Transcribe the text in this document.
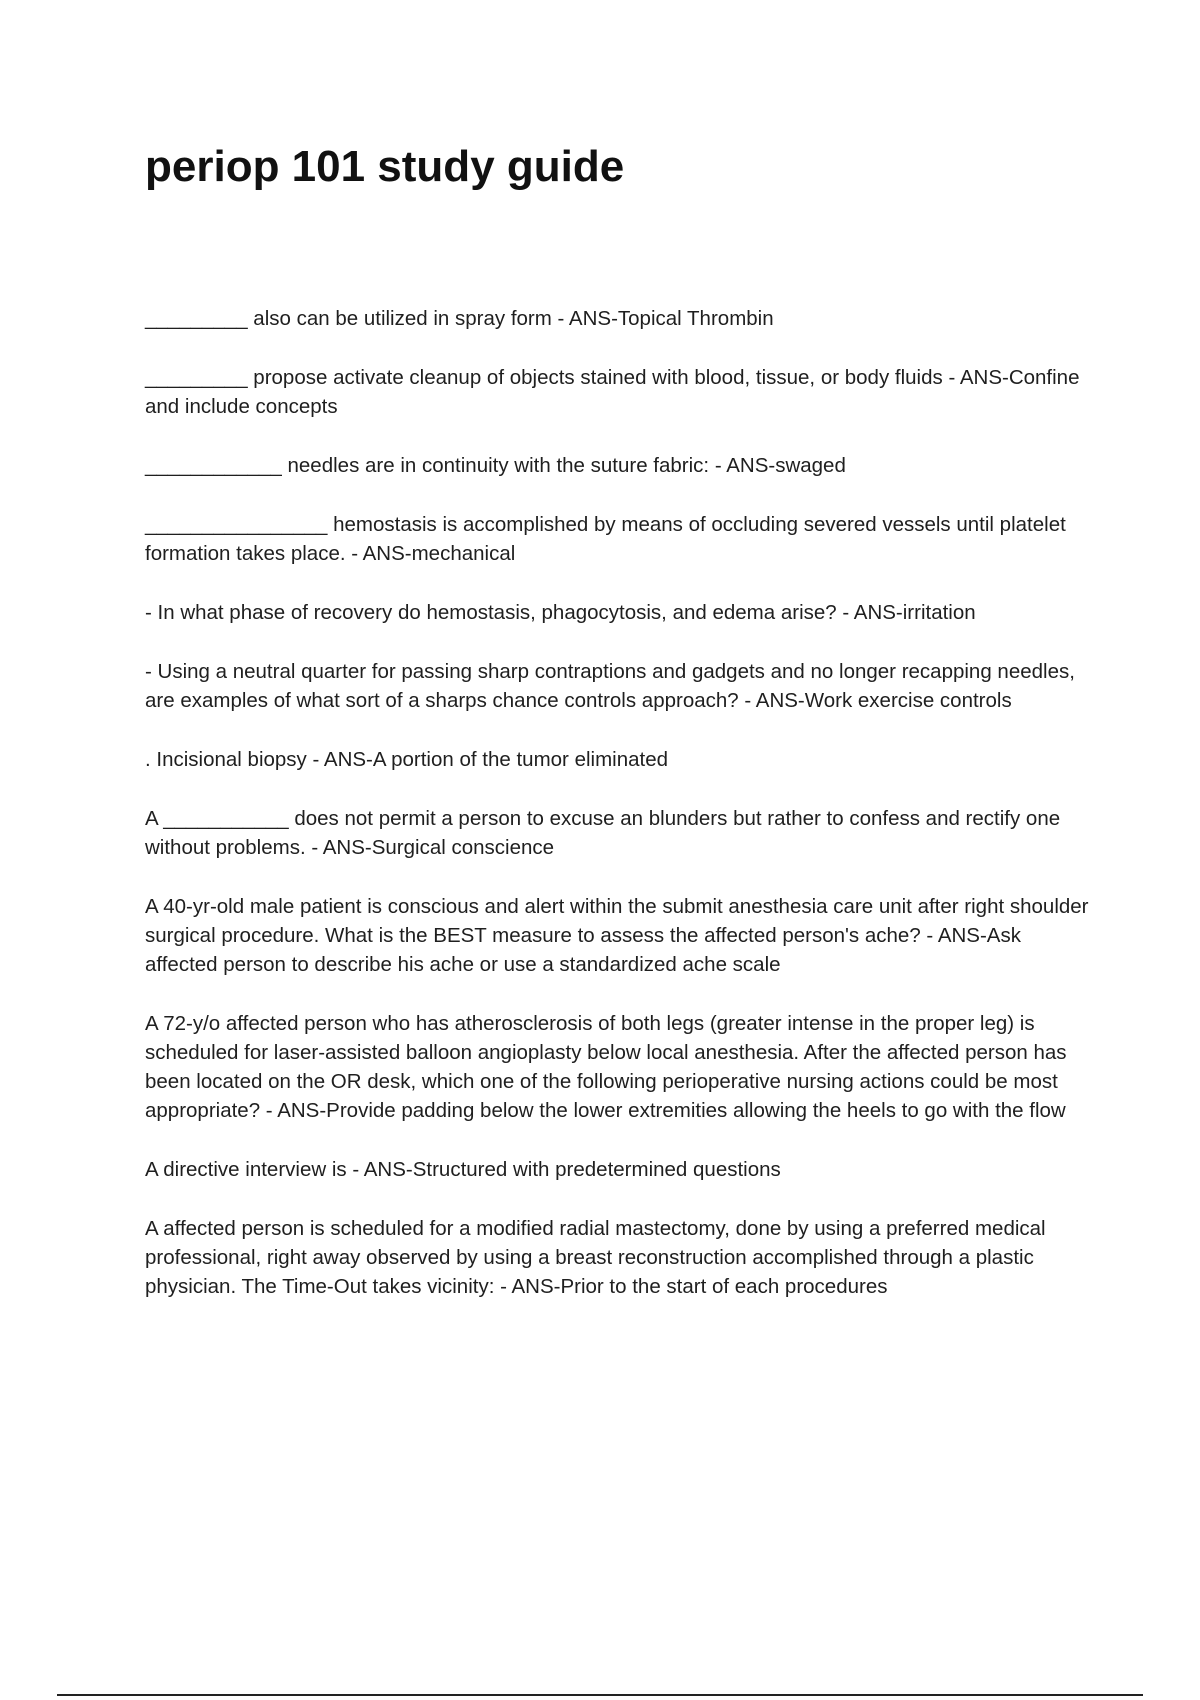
periop 101 study guide
_________ also can be utilized in spray form - ANS-Topical Thrombin
_________ propose activate cleanup of objects stained with blood, tissue, or body fluids - ANS-Confine and include concepts
____________ needles are in continuity with the suture fabric: - ANS-swaged
________________ hemostasis is accomplished by means of occluding severed vessels until platelet formation takes place. - ANS-mechanical
- In what phase of recovery do hemostasis, phagocytosis, and edema arise? - ANS-irritation
- Using a neutral quarter for passing sharp contraptions and gadgets and no longer recapping needles, are examples of what sort of a sharps chance controls approach? - ANS-Work exercise controls
. Incisional biopsy - ANS-A portion of the tumor eliminated
A ___________ does not permit a person to excuse an blunders but rather to confess and rectify one without problems. - ANS-Surgical conscience
A 40-yr-old male patient is conscious and alert within the submit anesthesia care unit after right shoulder surgical procedure. What is the BEST measure to assess the affected person's ache? - ANS-Ask affected person to describe his ache or use a standardized ache scale
A 72-y/o affected person who has atherosclerosis of both legs (greater intense in the proper leg) is scheduled for laser-assisted balloon angioplasty below local anesthesia. After the affected person has been located on the OR desk, which one of the following perioperative nursing actions could be most appropriate? - ANS-Provide padding below the lower extremities allowing the heels to go with the flow
A directive interview is - ANS-Structured with predetermined questions
A affected person is scheduled for a modified radial mastectomy, done by using a preferred medical professional, right away observed by using a breast reconstruction accomplished through a plastic physician. The Time-Out takes vicinity: - ANS-Prior to the start of each procedures
